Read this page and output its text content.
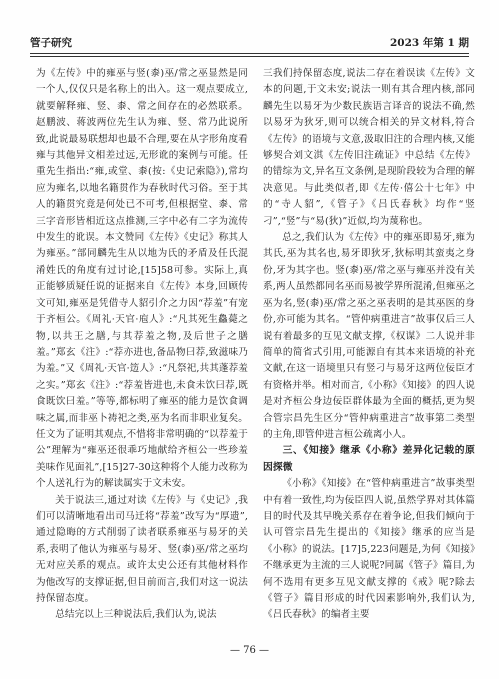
管子研究	2023 年第 1 期

为《左传》中的雍巫与竖(桼)巫/常之巫显然是同一个人,仅仅只是名称上的出入。这一观点要成立,就要解释雍、竖、桼、常之间存在的必然联系。赵鹏波、蒋波两位先生认为雍、竖、常乃此说所致,此说最易联想却也最不合理,要在从字形角度看雍与其他异文相差过远,无形讹的案例与可能。任重先生指出:“雍,或堂、桼(按:《史记索隐》),常均应为雍名,以地名籍贯作为春秋时代习俗。至于其人的籍贯究竟是何处已不可考,但根据堂、桼、常三字音形皆相近这点推测,三字中必有二字为流传中发生的讹误。本文赞同《左传》《史记》称其人为雍巫。”部同麟先生从以地为氏的矛盾及任氏混淆姓氏的角度有过讨论,[15]58可参。实际上,真正能够质疑任说的证据来自《左传》本身,回顾传文可知,雍巫是凭借寺人貂引介之力因“荐羞”有宠于齐桓公。《周礼·天官·庖人》:“凡其死生鱻薨之物,以共王之膳,与其荐羞之物,及后世子之膳羞。”郑玄《注》:“荐亦进也,备品物曰荐,致滋味乃为羞。”又《周礼·天官·笾人》:“凡祭祀,共其蓬荐羞之实。”郑玄《注》:“荐羞皆进也,未食未饮曰荐,既食既饮曰羞。”等等,都标明了雍巫的能力是饮食调味之属,而非巫卜祷祀之类,巫为名而非职业复矣。任文为了证明其观点,不惜将非常明确的“以荐羞于公”理解为“雍巫还很乖巧地献给齐桓公一些珍羞美味作见面礼”,[15]27-30这种将个人能力改称为个人送礼行为的解读属实于文未安。

关于说法三,通过对读《左传》与《史记》,我们可以清晰地看出司马迁将“荐羞”改写为“厚遗”,通过隐晦的方式削弱了读者联系雍巫与易牙的关系,表明了他认为雍巫与易牙、竖(桼)巫/常之巫均无对应关系的观点。或许太史公还有其他材料作为他改写的支撑证据,但目前而言,我们对这一说法持保留态度。

总结完以上三种说法后,我们认为,说法

三我们持保留态度,说法二存在着误读《左传》文本的问题,于文未安;说法一则有其合理内核,部同麟先生以易牙为少数民族语言译音的说法不确,然以易牙为狄牙,则可以统合相关的异文材料,符合《左传》的语境与文意,汲取旧注的合理内核,又能够契合刘文淇《左传旧注疏证》中总结《左传》的错综为文,异名互文条例,是现阶段较为合理的解决意见。与此类似者,即《左传·僖公十七年》中的“寺人貂”,《管子》《吕氏春秋》均作“竖刁”,“竖”与“易(狄)”近似,均为蔑称也。

总之,我们认为《左传》中的雍巫即易牙,雍为其氏,巫为其名也,易牙即狄牙,狄标明其蛮夷之身份,牙为其字也。竖(桼)巫/常之巫与雍巫并没有关系,两人虽然都同名巫而易被学界所混淆,但雍巫之巫为名,竖(桼)巫/常之巫之巫表明的是其巫医的身份,亦可能为其名。“管仲病重进言”故事仅后三人说有着最多的互见文献支撑,《权谋》二人说并非简单的简省式引用,可能源自有其本来语境的补充文献,在这一语境里只有竖刁与易牙这两位佞臣才有资格并举。相对而言,《小称》《知接》的四人说是对齐桓公身边佞臣群体最为全面的概括,更为契合管宗昌先生区分“管仲病重进言”故事第二类型的主角,即管仲进言桓公疏离小人。

三、《知接》继承《小称》差异化记载的原因探微

《小称》《知接》在“管仲病重进言”故事类型中有着一致性,均为佞臣四人说,虽然学界对其体篇目的时代及其早晚关系存在着争论,但我们倾向于认可管宗昌先生提出的《知接》继承的应当是《小称》的说法。[17]5,223问题是,为何《知接》不继承更为主流的三人说呢?同属《管子》篇目,为何不选用有更多互见文献支撑的《戒》呢?除去《管子》篇目形成的时代因素影响外,我们认为,《吕氏春秋》的编者主要

— 76 —
